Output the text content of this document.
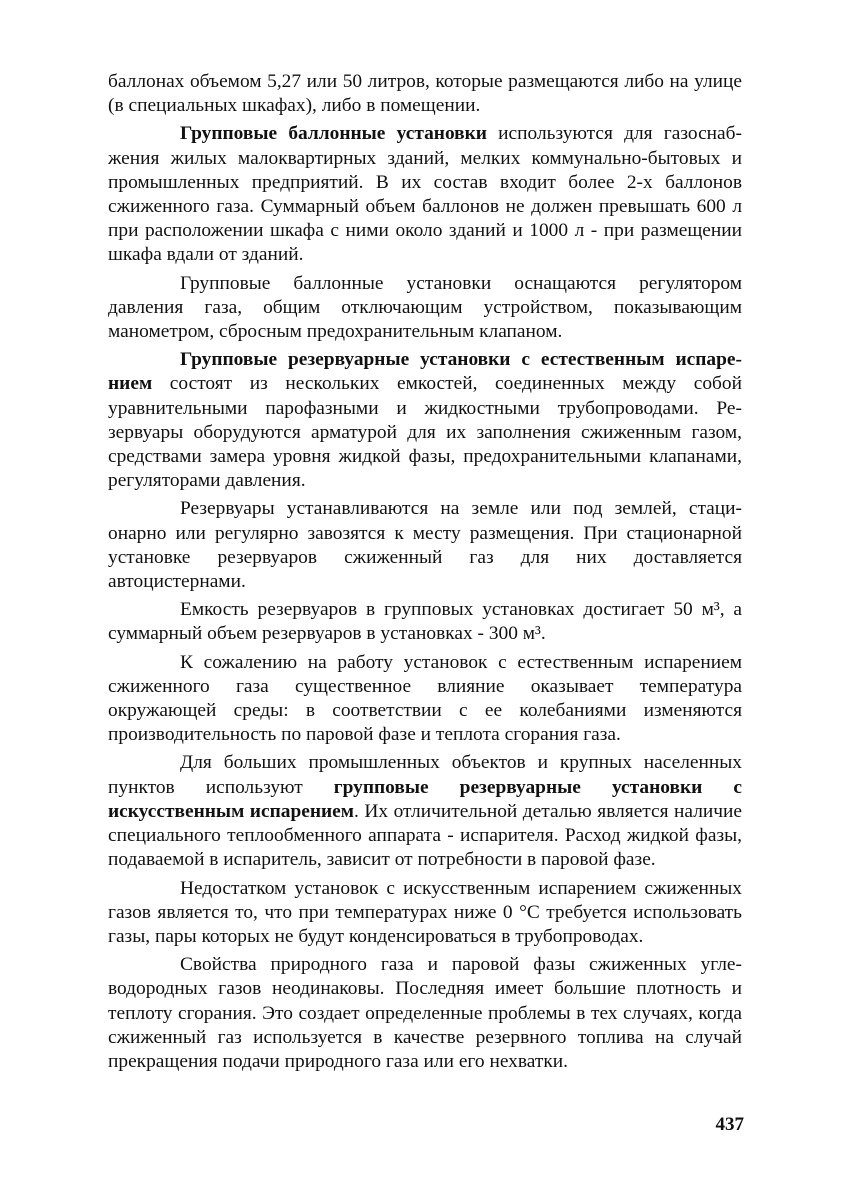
баллонах объемом 5,27 или 50 литров, которые размещаются либо на улице (в специальных шкафах), либо в помещении.

Групповые баллонные установки используются для газоснабжения жилых малоквартирных зданий, мелких коммунально-бытовых и промышленных предприятий. В их состав входит более 2-х баллонов сжиженного газа. Суммарный объем баллонов не должен превышать 600 л при расположении шкафа с ними около зданий и 1000 л - при размещении шкафа вдали от зданий.

Групповые баллонные установки оснащаются регулятором давления газа, общим отключающим устройством, показывающим манометром, сбросным предохранительным клапаном.

Групповые резервуарные установки с естественным испарением состоят из нескольких емкостей, соединенных между собой уравнительными парофазными и жидкостными трубопроводами. Резервуары оборудуются арматурой для их заполнения сжиженным газом, средствами замера уровня жидкой фазы, предохранительными клапанами, регуляторами давления.

Резервуары устанавливаются на земле или под землей, стационарно или регулярно завозятся к месту размещения. При стационарной установке резервуаров сжиженный газ для них доставляется автоцистернами.

Емкость резервуаров в групповых установках достигает 50 м³, а суммарный объем резервуаров в установках - 300 м³.

К сожалению на работу установок с естественным испарением сжиженного газа существенное влияние оказывает температура окружающей среды: в соответствии с ее колебаниями изменяются производительность по паровой фазе и теплота сгорания газа.

Для больших промышленных объектов и крупных населенных пунктов используют групповые резервуарные установки с искусственным испарением. Их отличительной деталью является наличие специального теплообменного аппарата - испарителя. Расход жидкой фазы, подаваемой в испаритель, зависит от потребности в паровой фазе.

Недостатком установок с искусственным испарением сжиженных газов является то, что при температурах ниже 0 °С требуется использовать газы, пары которых не будут конденсироваться в трубопроводах.

Свойства природного газа и паровой фазы сжиженных углеводородных газов неодинаковы. Последняя имеет большие плотность и теплоту сгорания. Это создает определенные проблемы в тех случаях, когда сжиженный газ используется в качестве резервного топлива на случай прекращения подачи природного газа или его нехватки.

437
